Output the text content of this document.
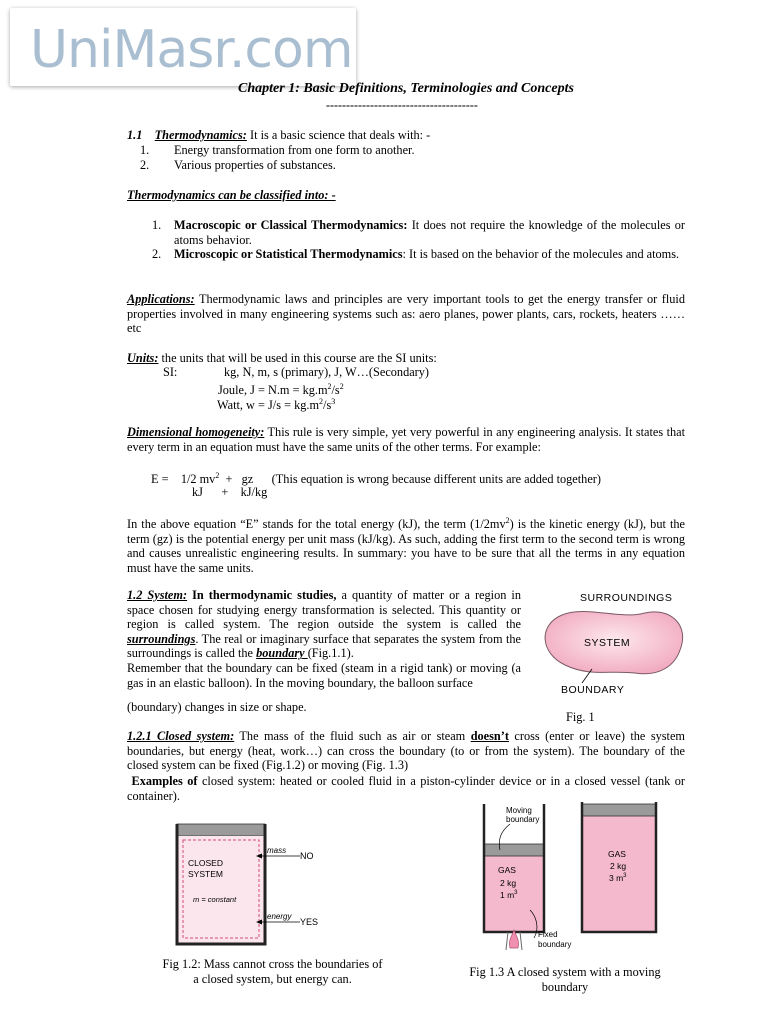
UniMasr.com
Chapter 1: Basic Definitions, Terminologies and Concepts
--------------------------------------
1.1 Thermodynamics: It is a basic science that deals with: -
1. Energy transformation from one form to another.
2. Various properties of substances.
Thermodynamics can be classified into: -
1. Macroscopic or Classical Thermodynamics: It does not require the knowledge of the molecules or atoms behavior.
2. Microscopic or Statistical Thermodynamics: It is based on the behavior of the molecules and atoms.
Applications: Thermodynamic laws and principles are very important tools to get the energy transfer or fluid properties involved in many engineering systems such as: aero planes, power plants, cars, rockets, heaters …… etc
Units: the units that will be used in this course are the SI units:
SI:	kg, N, m, s (primary), J, W…(Secondary)
Joule, $J = N.m = kg.m^2/s^2$
Watt, $w = J/s = kg.m^2/s^3$
Dimensional homogeneity: This rule is very simple, yet very powerful in any engineering analysis. It states that every term in an equation must have the same units of the other terms. For example:
E =    1/2 $mv^2$  +   gz      (This equation is wrong because different units are added together)
kJ      +    kJ/kg
In the above equation “E” stands for the total energy (kJ), the term $(1/2mv^2)$ is the kinetic energy (kJ), but the term (gz) is the potential energy per unit mass (kJ/kg). As such, adding the first term to the second term is wrong and causes unrealistic engineering results. In summary: you have to be sure that all the terms in any equation must have the same units.
1.2 System: In thermodynamic studies, a quantity of matter or a region in space chosen for studying energy transformation is selected. This quantity or region is called system. The region outside the system is called the surroundings. The real or imaginary surface that separates the system from the surroundings is called the boundary (Fig.1.1).
Remember that the boundary can be fixed (steam in a rigid tank) or moving (a gas in an elastic balloon). In the moving boundary, the balloon surface
(boundary) changes in size or shape.
SURROUNDINGS
SYSTEM
BOUNDARY
Fig. 1
1.2.1 Closed system: The mass of the fluid such as air or steam doesn’t cross (enter or leave) the system boundaries, but energy (heat, work…) can cross the boundary (to or from the system). The boundary of the closed system can be fixed (Fig.1.2) or moving (Fig. 1.3)
Examples of closed system: heated or cooled fluid in a piston-cylinder device or in a closed vessel (tank or container).
CLOSED
SYSTEM
m = constant
mass
NO
energy
YES
Fig 1.2: Mass cannot cross the boundaries of
a closed system, but energy can.
Moving
boundary
GAS
2 kg
1 $m^3$
Fixed
boundary
GAS
2 kg
3 $m^3$
Fig 1.3 A closed system with a moving
boundary
